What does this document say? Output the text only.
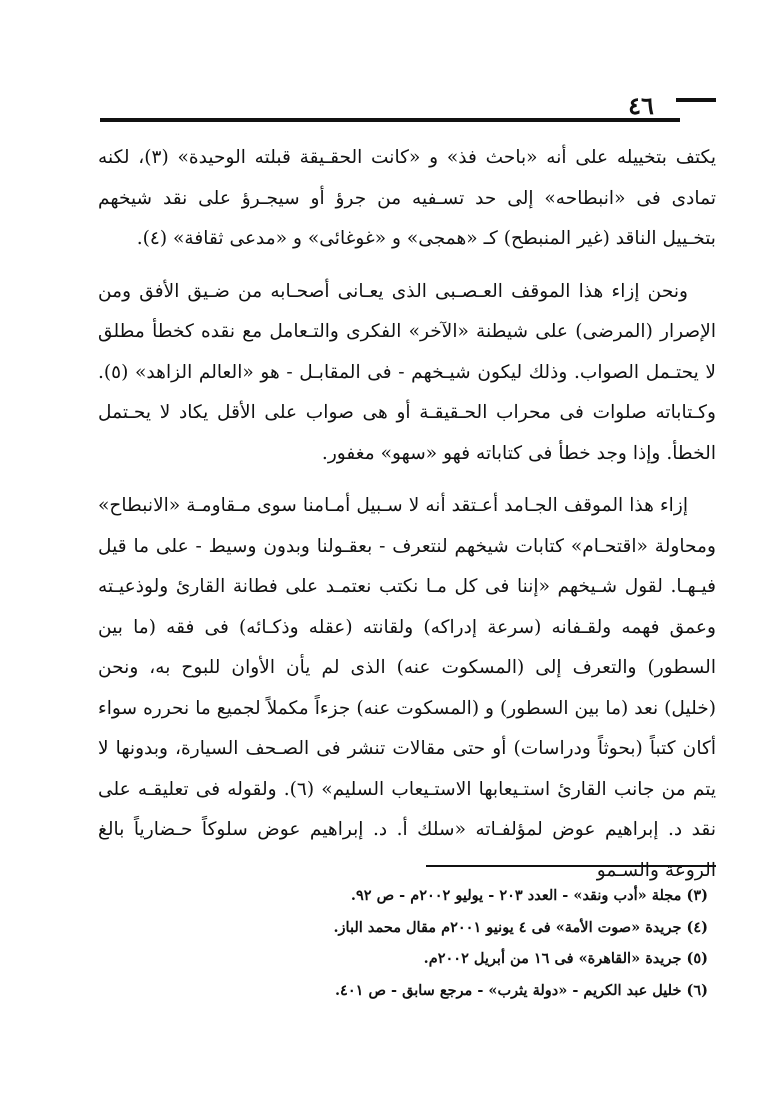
٤٦

يكتف بتخييله على أنه «باحث فذ» و «كانت الحقـيقة قبلته الوحيدة» (٣)، لكنه تمادى فى «انبطاحه» إلى حد تسـفيه من جرؤ أو سيجـرؤ على نقد شيخهم بتخـييل الناقد (غير المنبطح) كـ «همجى» و «غوغائى» و «مدعى ثقافة» (٤).

ونحن إزاء هذا الموقف العـصـبى الذى يعـانى أصحـابه من ضـيق الأفق ومن الإصرار (المرضى) على شيطنة «الآخر» الفكرى والتـعامل مع نقده كخطأ مطلق لا يحتـمل الصواب. وذلك ليكون شيـخهم - فى المقابـل - هو «العالم الزاهد» (٥). وكـتاباته صلوات فى محراب الحـقيقـة أو هى صواب على الأقل يكاد لا يحـتمل الخطأ. وإذا وجد خطأ فى كتاباته فهو «سهو» مغفور.

إزاء هذا الموقف الجـامد أعـتقد أنه لا سـبيل أمـامنا سوى مـقاومـة «الانبطاح» ومحاولة «اقتحـام» كتابات شيخهم لنتعرف - بعقـولنا وبدون وسيط - على ما قيل فيـهـا. لقول شـيخهم «إننا فى كل مـا نكتب نعتمـد على فطانة القارئ ولوذعيـته وعمق فهمه ولقـفانه (سرعة إدراكه) ولقانته (عقله وذكـائه) فى فقه (ما بين السطور) والتعرف إلى (المسكوت عنه) الذى لم يأن الأوان للبوح به، ونحن (خليل) نعد (ما بين السطور) و (المسكوت عنه) جزءاً مكملاً لجميع ما نحرره سواء أكان كتباً (بحوثاً ودراسات) أو حتى مقالات تنشر فى الصـحف السيارة، وبدونها لا يتم من جانب القارئ استـيعابها الاستـيعاب السليم» (٦). ولقوله فى تعليقـه على نقد د. إبراهيم عوض لمؤلفـاته «سلك أ. د. إبراهيم عوض سلوكاً حـضارياً بالغ الروعة والسـمو

(٣) مجلة «أدب ونقد» - العدد ٢٠٣ - يوليو ٢٠٠٢م - ص ٩٢.

(٤) جريدة «صوت الأمة» فى ٤ يونيو ٢٠٠١م مقال محمد الباز.

(٥) جريدة «القاهرة» فى ١٦ من أبريل ٢٠٠٢م.

(٦) خليل عبد الكريم - «دولة يثرب» - مرجع سابق - ص ٤٠١.
